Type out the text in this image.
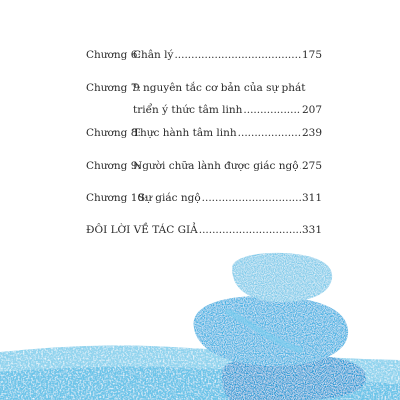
Chương 6:
Chân lý .....	175
Chương 7:
9 nguyên tắc cơ bản của sự phát
triển ý thức tâm linh .....	207
Chương 8:
Thực hành tâm linh .....	239
Chương 9:
Người chữa lành được giác ngộ ..... 275
Chương 10:
Sự giác ngộ .....	311
ĐÔI LỜI VỀ TÁC GIẢ .....	331
